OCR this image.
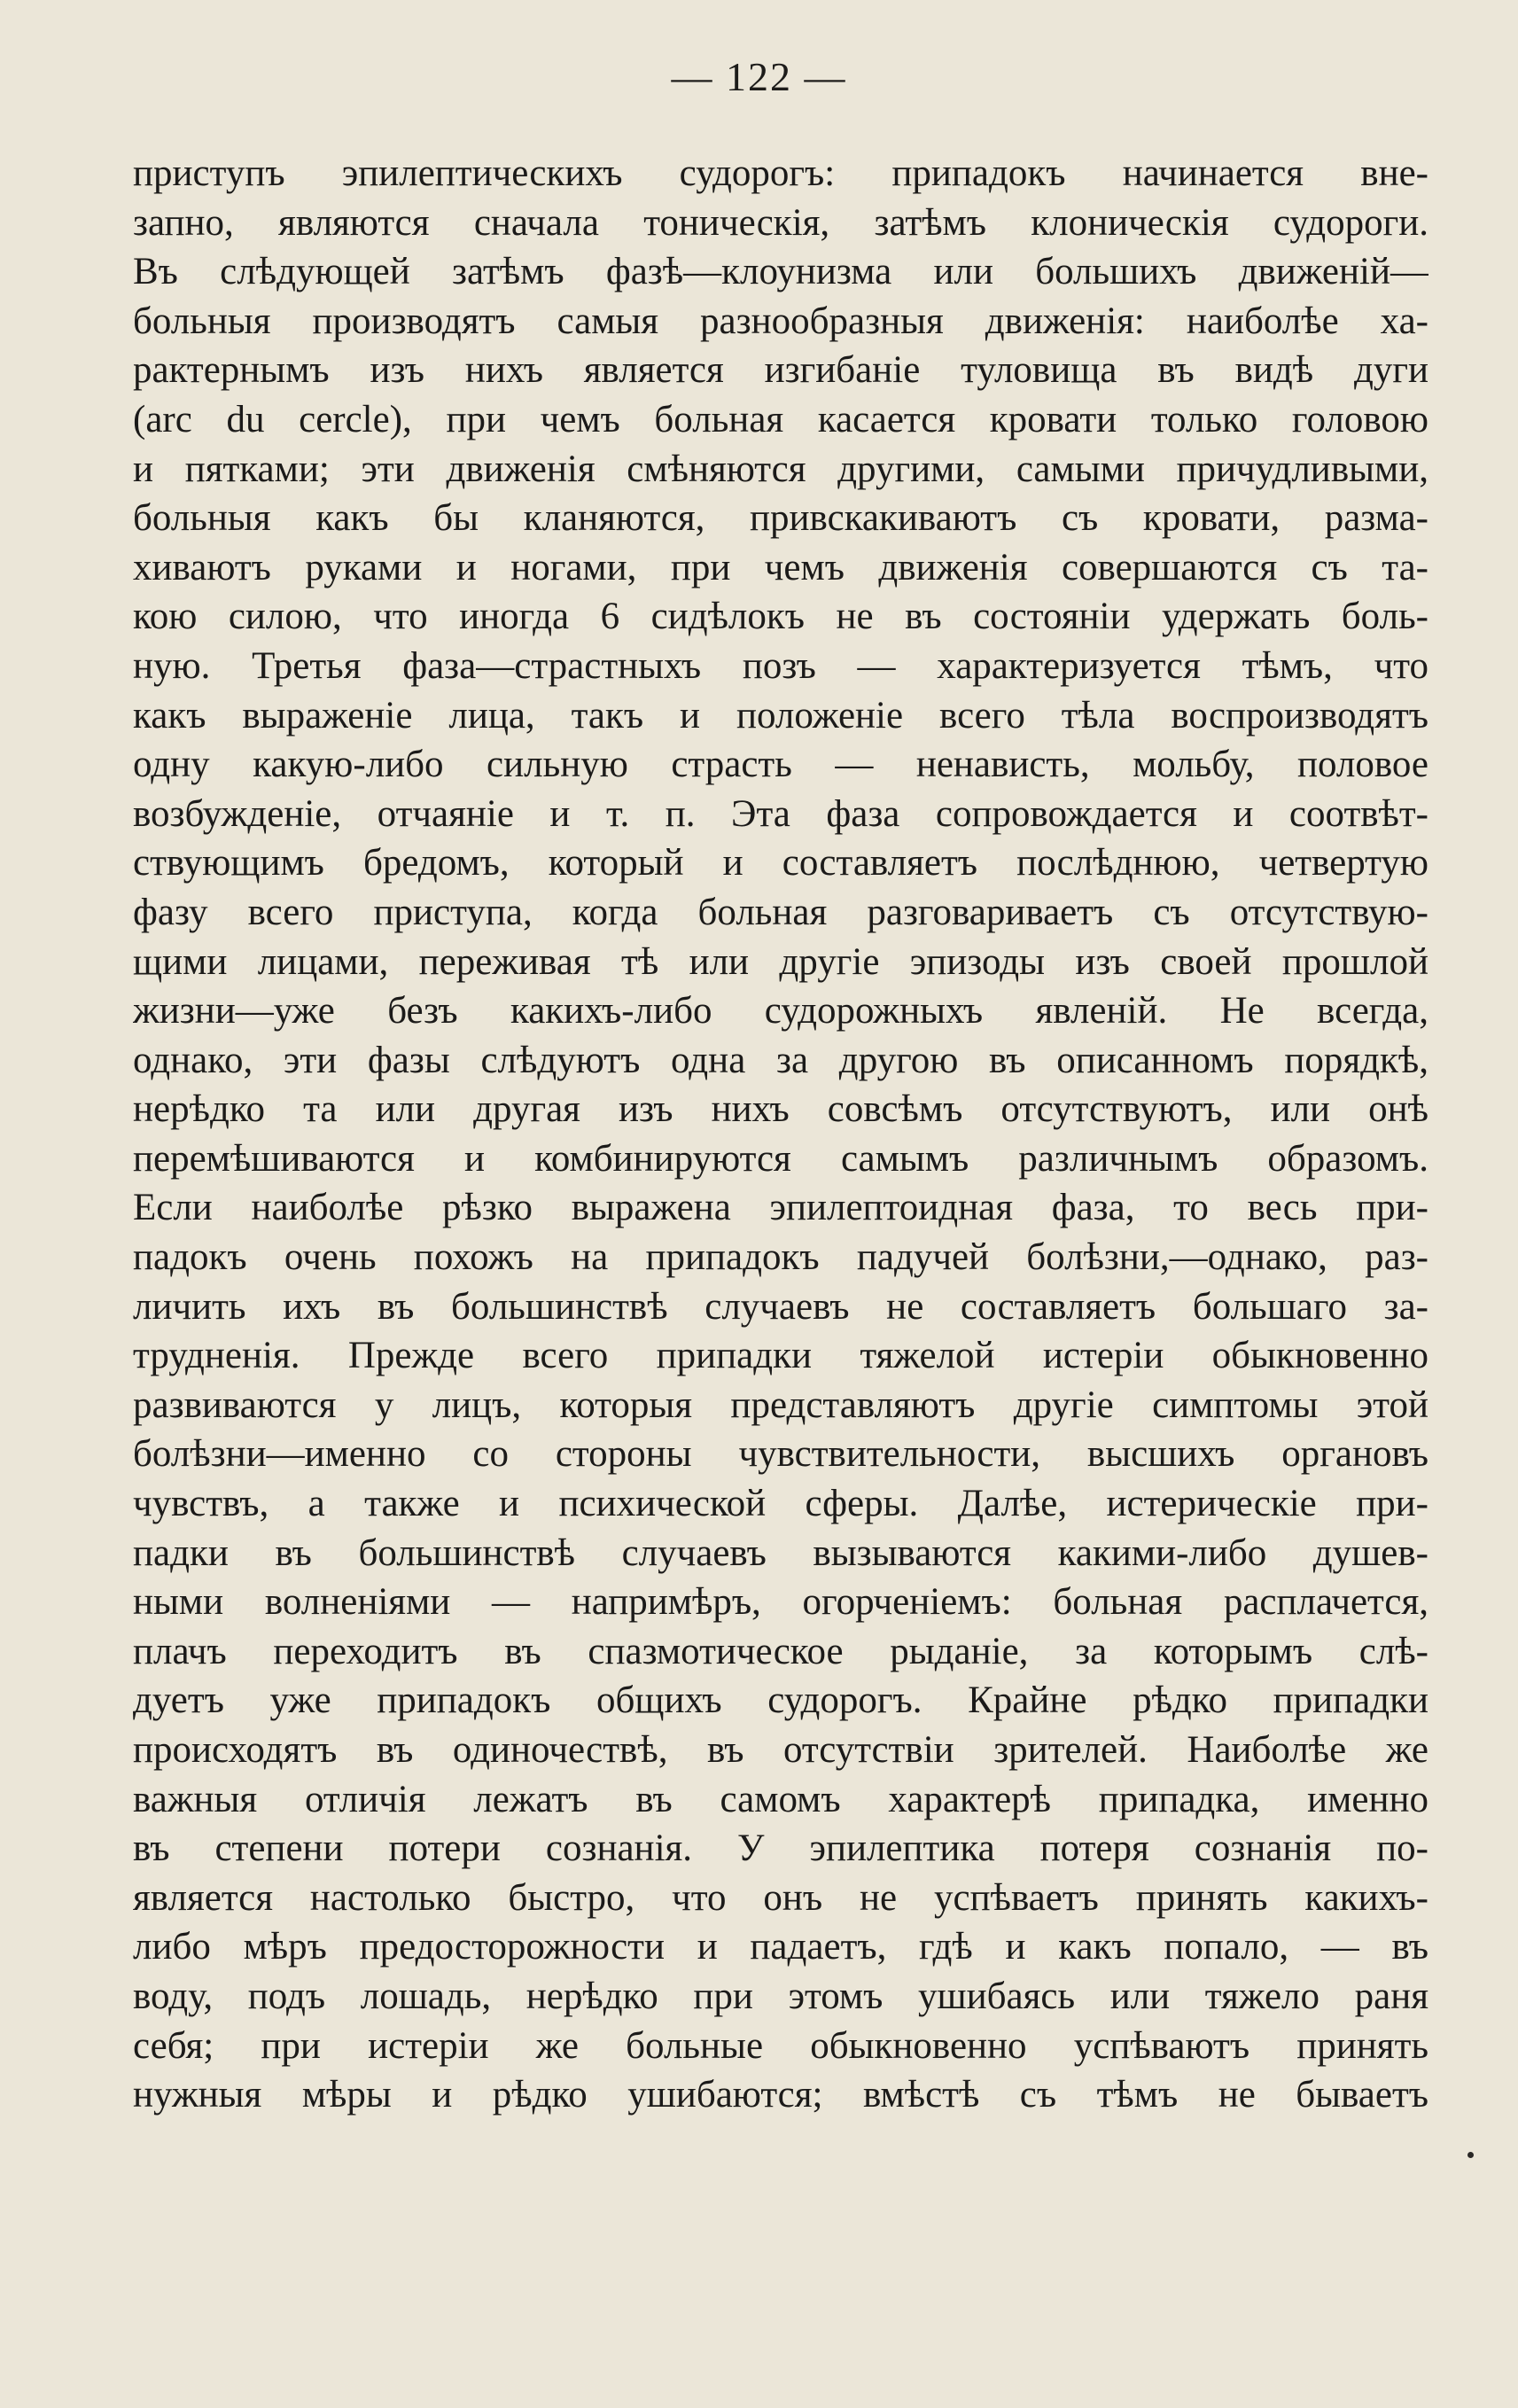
— 122 —
приступъ эпилептическихъ судорогъ: припадокъ начинается вне-
запно, являются сначала тоническія, затѣмъ клоническія судороги.
Въ слѣдующей затѣмъ фазѣ—клоунизма или большихъ движеній—
больныя производятъ самыя разнообразныя движенія: наиболѣе ха-
рактернымъ изъ нихъ является изгибаніе туловища въ видѣ дуги
(arc du cercle), при чемъ больная касается кровати только головою
и пятками; эти движенія смѣняются другими, самыми причудливыми,
больныя какъ бы кланяются, привскакиваютъ съ кровати, разма-
хиваютъ руками и ногами, при чемъ движенія совершаются съ та-
кою силою, что иногда 6 сидѣлокъ не въ состояніи удержать боль-
ную. Третья фаза—страстныхъ позъ — характеризуется тѣмъ, что
какъ выраженіе лица, такъ и положеніе всего тѣла воспроизводятъ
одну какую-либо сильную страсть — ненависть, мольбу, половое
возбужденіе, отчаяніе и т. п. Эта фаза сопровождается и соотвѣт-
ствующимъ бредомъ, который и составляетъ послѣднюю, четвертую
фазу всего приступа, когда больная разговариваетъ съ отсутствую-
щими лицами, переживая тѣ или другіе эпизоды изъ своей прошлой
жизни—уже безъ какихъ-либо судорожныхъ явленій. Не всегда,
однако, эти фазы слѣдуютъ одна за другою въ описанномъ порядкѣ,
нерѣдко та или другая изъ нихъ совсѣмъ отсутствуютъ, или онѣ
перемѣшиваются и комбинируются самымъ различнымъ образомъ.
Если наиболѣе рѣзко выражена эпилептоидная фаза, то весь при-
падокъ очень похожъ на припадокъ падучей болѣзни,—однако, раз-
личить ихъ въ большинствѣ случаевъ не составляетъ большаго за-
трудненія. Прежде всего припадки тяжелой истеріи обыкновенно
развиваются у лицъ, которыя представляютъ другіе симптомы этой
болѣзни—именно со стороны чувствительности, высшихъ органовъ
чувствъ, а также и психической сферы. Далѣе, истерическіе при-
падки въ большинствѣ случаевъ вызываются какими-либо душев-
ными волненіями — напримѣръ, огорченіемъ: больная расплачется,
плачъ переходитъ въ спазмотическое рыданіе, за которымъ слѣ-
дуетъ уже припадокъ общихъ судорогъ. Крайне рѣдко припадки
происходятъ въ одиночествѣ, въ отсутствіи зрителей. Наиболѣе же
важныя отличія лежатъ въ самомъ характерѣ припадка, именно
въ степени потери сознанія. У эпилептика потеря сознанія по-
является настолько быстро, что онъ не успѣваетъ принять какихъ-
либо мѣръ предосторожности и падаетъ, гдѣ и какъ попало, — въ
воду, подъ лошадь, нерѣдко при этомъ ушибаясь или тяжело раня
себя; при истеріи же больные обыкновенно успѣваютъ принять
нужныя мѣры и рѣдко ушибаются; вмѣстѣ съ тѣмъ не бываетъ
